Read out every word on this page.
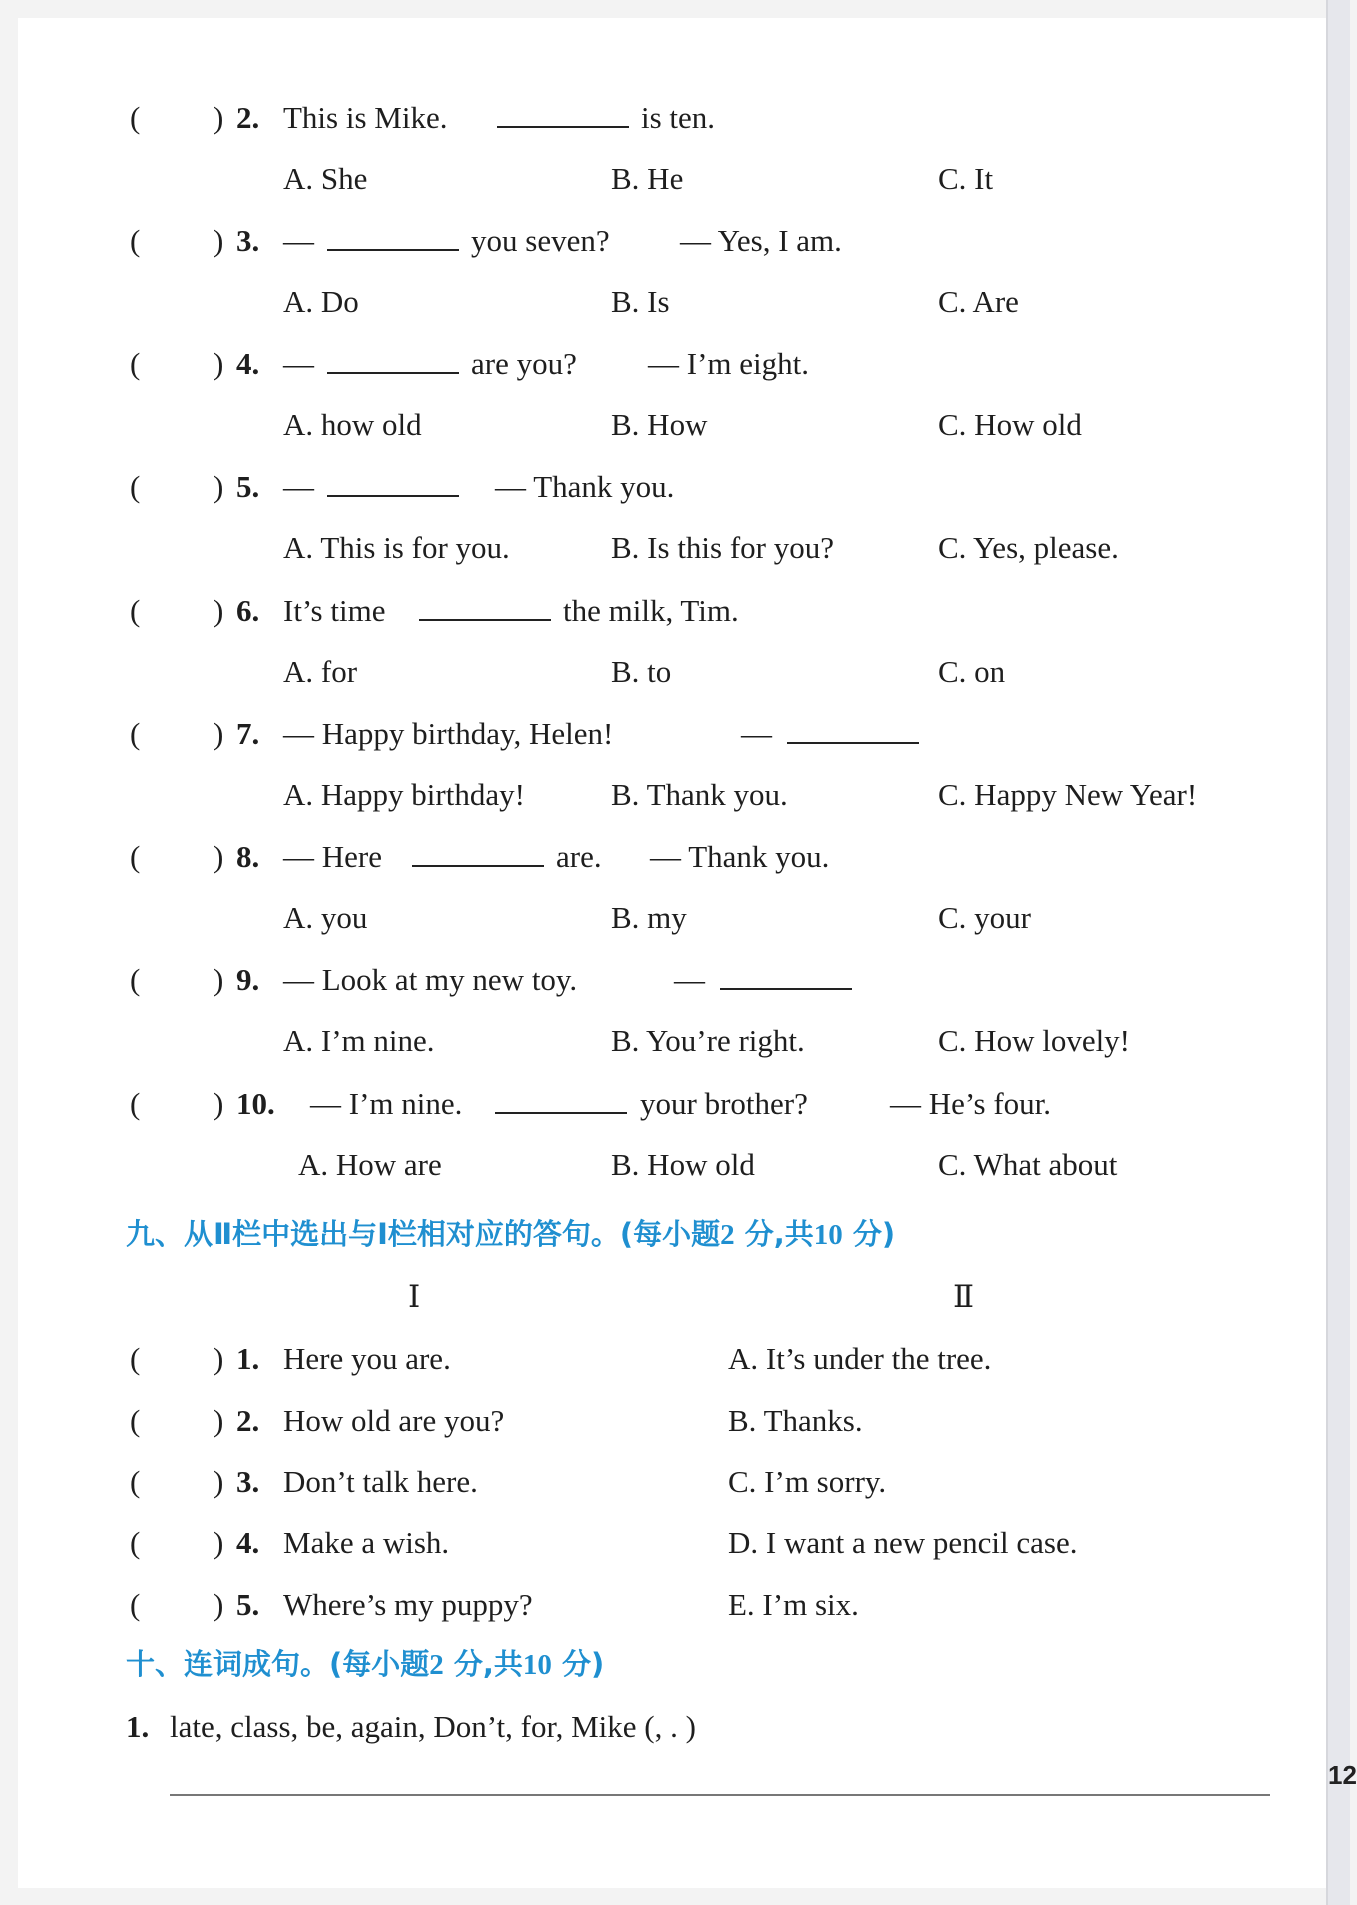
12
( ) 2. This is Mike.	is ten.
A. She	B. He	C. It
( ) 3. —	you seven? — Yes, I am.
A. Do	B. Is	C. Are
( ) 4. —	are you? — I’m eight.
A. how old	B. How	C. How old
( ) 5. —	— Thank you.
A. This is for you.	B. Is this for you?	C. Yes, please.
( ) 6. It’s time	the milk, Tim.
A. for	B. to	C. on
( ) 7. — Happy birthday, Helen!	—
A. Happy birthday!	B. Thank you.	C. Happy New Year!
( ) 8. — Here	are. — Thank you.
A. you	B. my	C. your
( ) 9. — Look at my new toy.	—
A. I’m nine.	B. You’re right.	C. How lovely!
( ) 10. — I’m nine.	your brother?	— He’s four.
A. How are	B. How old	C. What about
九、从Ⅱ栏中选出与Ⅰ栏相对应的答句。(每小题2 分,共10 分)
Ⅰ	Ⅱ
( ) 1. Here you are.	A. It’s under the tree.
( ) 2. How old are you?	B. Thanks.
( ) 3. Don’t talk here.	C. I’m sorry.
( ) 4. Make a wish.	D. I want a new pencil case.
( ) 5. Where’s my puppy?	E. I’m six.
十、连词成句。(每小题2 分,共10 分)
1. late, class, be, again, Don’t, for, Mike (, . )
